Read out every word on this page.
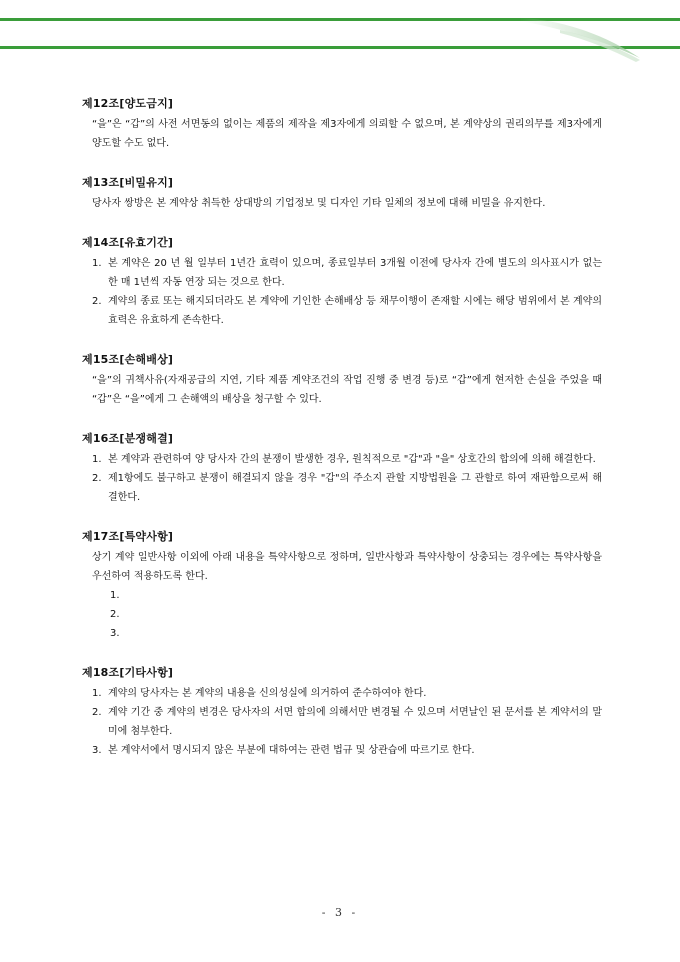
제12조[양도금지]
“을”은 “갑”의 사전 서면동의 없이는 제품의 제작을 제3자에게 의뢰할 수 없으며, 본 계약상의 권리의무를 제3자에게 양도할 수도 없다.
제13조[비밀유지]
당사자 쌍방은 본 계약상 취득한 상대방의 기업정보 및 디자인 기타 일체의 정보에 대해 비밀을 유지한다.
제14조[유효기간]
1. 본 계약은 20 년 월 일부터 1년간 효력이 있으며, 종료일부터 3개월 이전에 당사자 간에 별도의 의사표시가 없는 한 매 1년씩 자동 연장 되는 것으로 한다.
2. 계약의 종료 또는 해지되더라도 본 계약에 기인한 손해배상 등 채무이행이 존재할 시에는 해당 범위에서 본 계약의 효력은 유효하게 존속한다.
제15조[손해배상]
“을”의 귀책사유(자재공급의 지연, 기타 제품 계약조건의 작업 진행 중 변경 등)로 “갑”에게 현저한 손실을 주었을 때 “갑”은 “을”에게 그 손해액의 배상을 청구할 수 있다.
제16조[분쟁해결]
1. 본 계약과 관련하여 양 당사자 간의 분쟁이 발생한 경우, 원칙적으로 "갑"과 "을" 상호간의 합의에 의해 해결한다.
2. 제1항에도 불구하고 분쟁이 해결되지 않을 경우 "갑"의 주소지 관할 지방법원을 그 관할로 하여 재판함으로써 해결한다.
제17조[특약사항]
상기 계약 일반사항 이외에 아래 내용을 특약사항으로 정하며, 일반사항과 특약사항이 상충되는 경우에는 특약사항을 우선하여 적용하도록 한다.
1.
2.
3.
제18조[기타사항]
1. 계약의 당사자는 본 계약의 내용을 신의성실에 의거하여 준수하여야 한다.
2. 계약 기간 중 계약의 변경은 당사자의 서면 합의에 의해서만 변경될 수 있으며 서면날인 된 문서를 본 계약서의 말미에 첨부한다.
3. 본 계약서에서 명시되지 않은 부분에 대하여는 관련 법규 및 상관습에 따르기로 한다.
- 3 -
